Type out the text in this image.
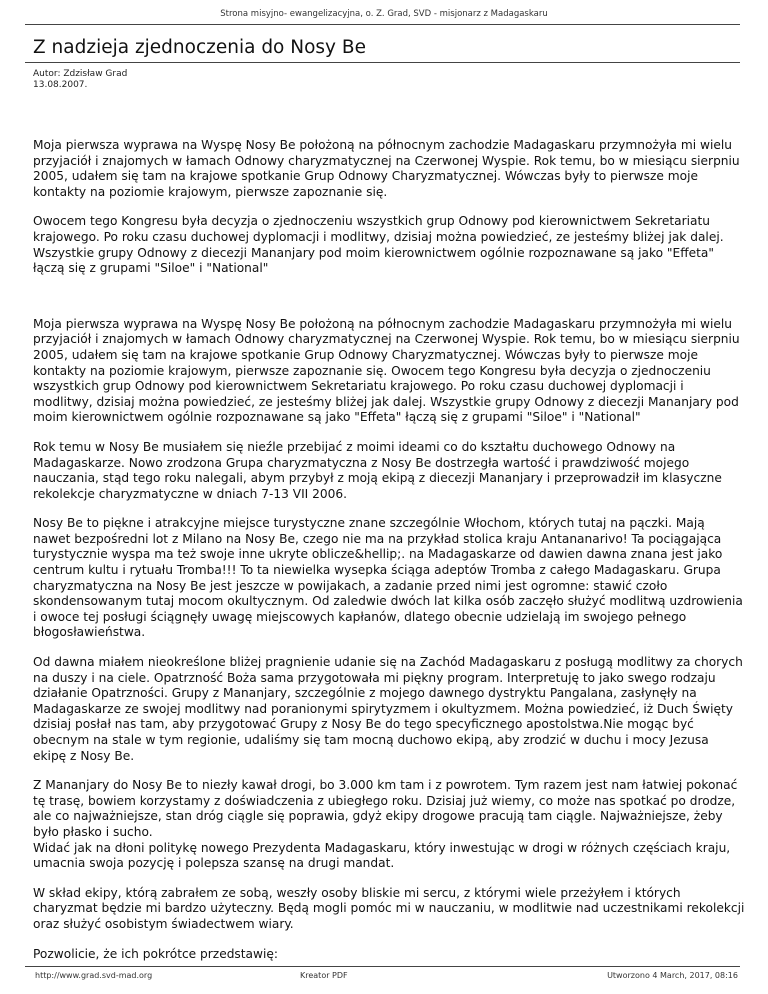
Strona misyjno- ewangelizacyjna, o. Z. Grad, SVD - misjonarz z Madagaskaru
Z nadzieja zjednoczenia do Nosy Be
Autor: Zdzisław Grad
13.08.2007.

Moja pierwsza wyprawa na Wyspę Nosy Be położoną na północnym zachodzie Madagaskaru przymnożyła mi wielu przyjaciół i znajomych w łamach Odnowy charyzmatycznej na Czerwonej Wyspie. Rok temu, bo w miesiącu sierpniu 2005, udałem się tam na krajowe spotkanie Grup Odnowy Charyzmatycznej. Wówczas były to pierwsze moje kontakty na poziomie krajowym, pierwsze zapoznanie się.

Owocem tego Kongresu była decyzja o zjednoczeniu wszystkich grup Odnowy pod kierownictwem Sekretariatu krajowego. Po roku czasu duchowej dyplomacji i modlitwy, dzisiaj można powiedzieć, ze jesteśmy bliżej jak dalej. Wszystkie grupy Odnowy z diecezji Mananjary pod moim kierownictwem ogólnie rozpoznawane są jako "Effeta" łączą się z grupami "Siloe" i "National"

Moja pierwsza wyprawa na Wyspę Nosy Be położoną na północnym zachodzie Madagaskaru przymnożyła mi wielu przyjaciół i znajomych w łamach Odnowy charyzmatycznej na Czerwonej Wyspie. Rok temu, bo w miesiącu sierpniu 2005, udałem się tam na krajowe spotkanie Grup Odnowy Charyzmatycznej. Wówczas były to pierwsze moje kontakty na poziomie krajowym, pierwsze zapoznanie się. Owocem tego Kongresu była decyzja o zjednoczeniu wszystkich grup Odnowy pod kierownictwem Sekretariatu krajowego. Po roku czasu duchowej dyplomacji i modlitwy, dzisiaj można powiedzieć, ze jesteśmy bliżej jak dalej. Wszystkie grupy Odnowy z diecezji Mananjary pod moim kierownictwem ogólnie rozpoznawane są jako "Effeta" łączą się z grupami "Siloe" i "National"

Rok temu w Nosy Be musiałem się nieźle przebijać z moimi ideami co do kształtu duchowego Odnowy na Madagaskarze. Nowo zrodzona Grupa charyzmatyczna z Nosy Be dostrzegła wartość i prawdziwość mojego nauczania, stąd tego roku nalegali, abym przybył z moją ekipą z diecezji Mananjary i przeprowadził im klasyczne rekolekcje charyzmatyczne w dniach 7-13 VII 2006.

Nosy Be to piękne i atrakcyjne miejsce turystyczne znane szczególnie Włochom, których tutaj na pączki. Mają nawet bezpośredni lot z Milano na Nosy Be, czego nie ma na przykład stolica kraju Antananarivo! Ta pociągająca turystycznie wyspa ma też swoje inne ukryte oblicze&hellip;. na Madagaskarze od dawien dawna znana jest jako centrum kultu i rytuału Tromba!!! To ta niewielka wysepka ściąga adeptów Tromba z całego Madagaskaru. Grupa charyzmatyczna na Nosy Be jest jeszcze w powijakach, a zadanie przed nimi jest ogromne: stawić czoło skondensowanym tutaj mocom okultycznym. Od zaledwie dwóch lat kilka osób zaczęło służyć modlitwą uzdrowienia i owoce tej posługi ściągnęły uwagę miejscowych kapłanów, dlatego obecnie udzielają im swojego pełnego błogosławieństwa.

Od dawna miałem nieokreślone bliżej pragnienie udanie się na Zachód Madagaskaru z posługą modlitwy za chorych na duszy i na ciele. Opatrzność Boża sama przygotowała mi piękny program. Interpretuję to jako swego rodzaju działanie Opatrzności. Grupy z Mananjary, szczególnie z mojego dawnego dystryktu Pangalana, zasłynęły na Madagaskarze ze swojej modlitwy nad poranionymi spirytyzmem i okultyzmem. Można powiedzieć, iż Duch Święty dzisiaj posłał nas tam, aby przygotować Grupy z Nosy Be do tego specyficznego apostolstwa.Nie mogąc być obecnym na stale w tym regionie, udaliśmy się tam mocną duchowo ekipą, aby zrodzić w duchu i mocy Jezusa ekipę z Nosy Be.

Z Mananjary do Nosy Be to niezły kawał drogi, bo 3.000 km tam i z powrotem. Tym razem jest nam łatwiej pokonać tę trasę, bowiem korzystamy z doświadczenia z ubiegłego roku. Dzisiaj już wiemy, co może nas spotkać po drodze, ale co najważniejsze, stan dróg ciągle się poprawia, gdyż ekipy drogowe pracują tam ciągle. Najważniejsze, żeby było płasko i sucho.
Widać jak na dłoni politykę nowego Prezydenta Madagaskaru, który inwestując w drogi w różnych częściach kraju, umacnia swoja pozycję i polepsza szansę na drugi mandat.

W skład ekipy, którą zabrałem ze sobą, weszły osoby bliskie mi sercu, z którymi wiele przeżyłem i których charyzmat będzie mi bardzo użyteczny. Będą mogli pomóc mi w nauczaniu, w modlitwie nad uczestnikami rekolekcji oraz służyć osobistym świadectwem wiary.

Pozwolicie, że ich pokrótce przedstawię:

http://www.grad.svd-mad.org	Kreator PDF	Utworzono 4 March, 2017, 08:16
